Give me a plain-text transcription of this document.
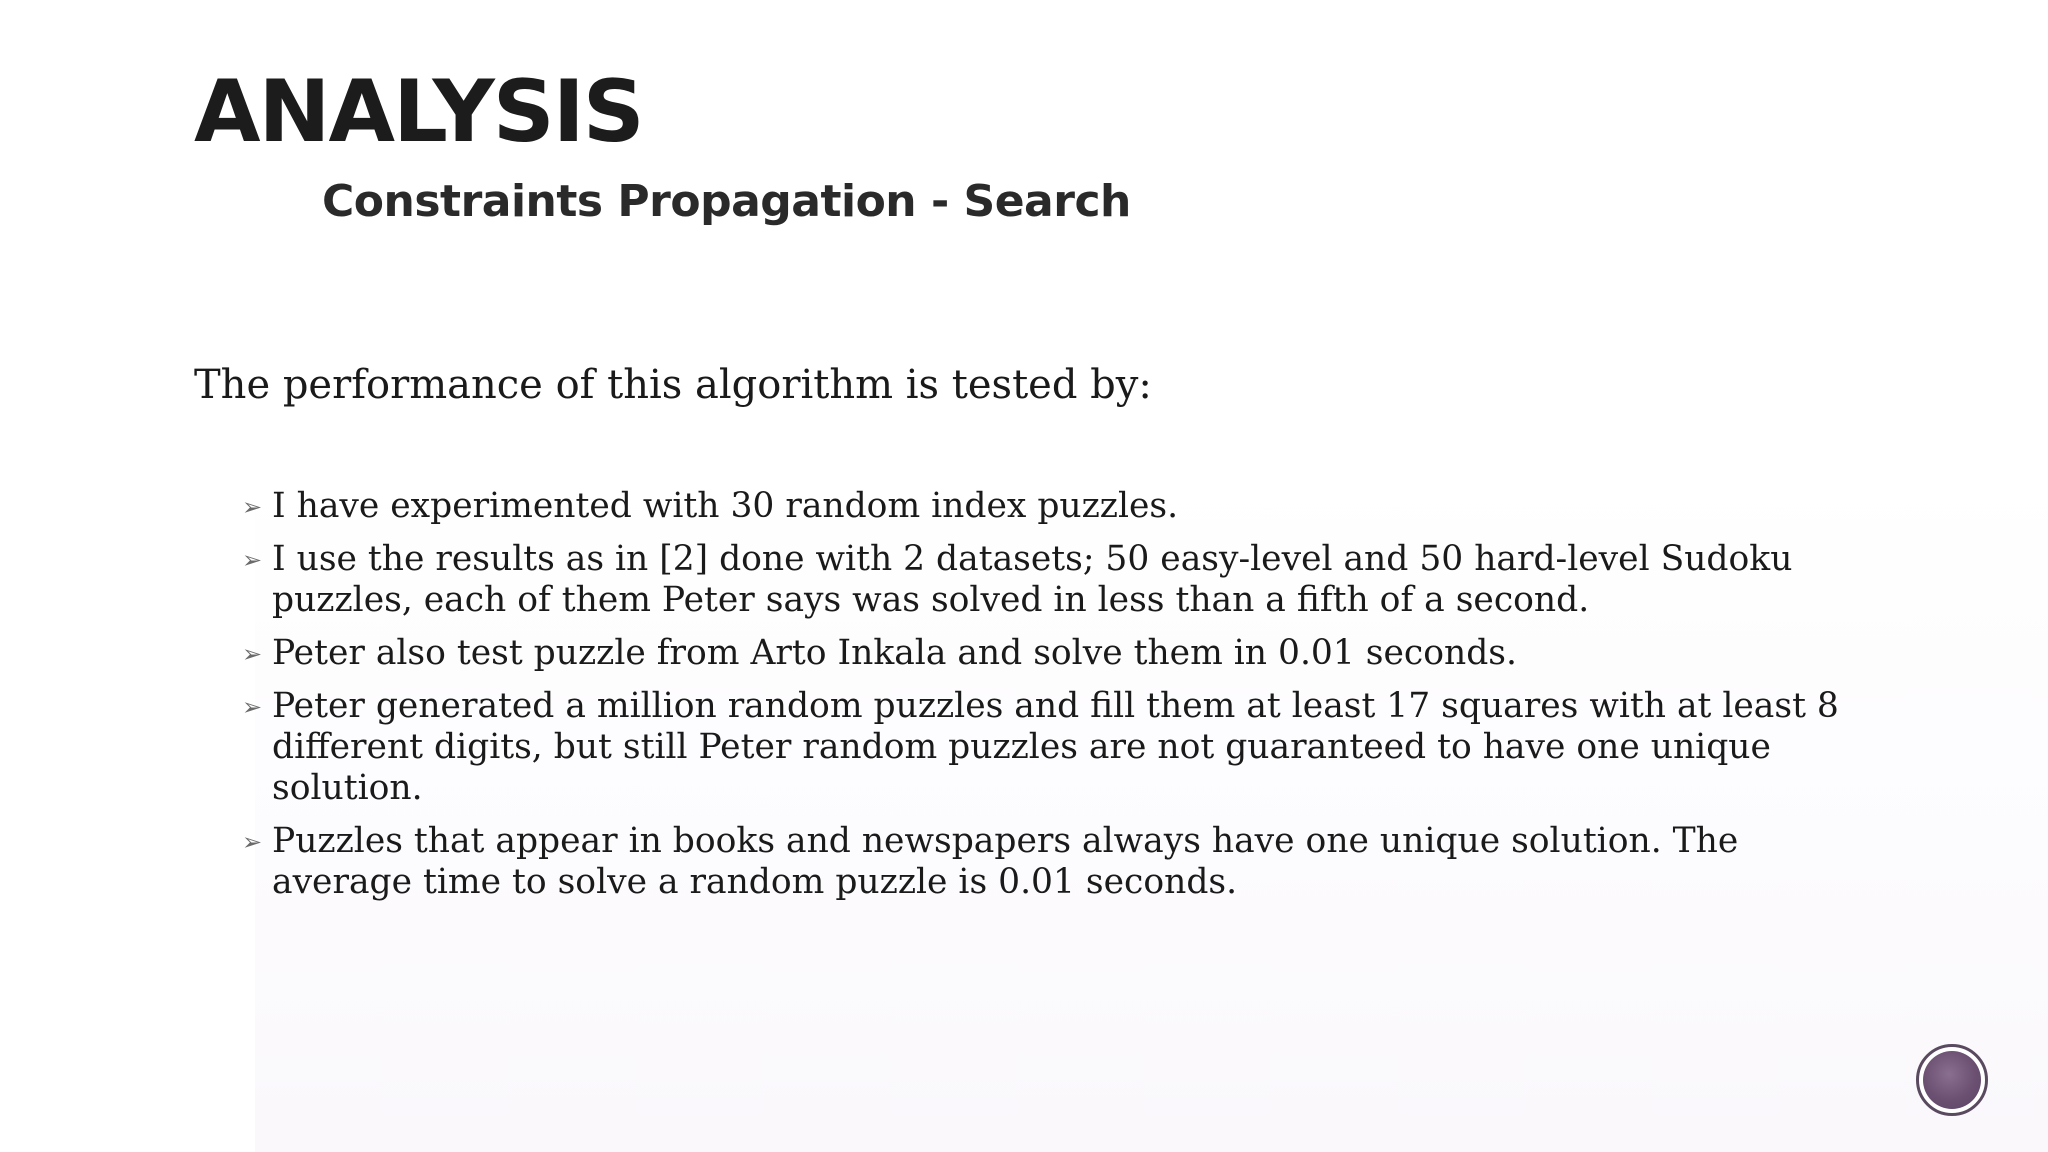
ANALYSIS
Constraints Propagation - Search

The performance of this algorithm is tested by:

➢ I have experimented with 30 random index puzzles.
➢ I use the results as in [2] done with 2 datasets; 50 easy-level and 50 hard-level Sudoku puzzles, each of them Peter says was solved in less than a fifth of a second.
➢ Peter also test puzzle from Arto Inkala and solve them in 0.01 seconds.
➢ Peter generated a million random puzzles and fill them at least 17 squares with at least 8 different digits, but still Peter random puzzles are not guaranteed to have one unique solution.
➢ Puzzles that appear in books and newspapers always have one unique solution. The average time to solve a random puzzle is 0.01 seconds.
